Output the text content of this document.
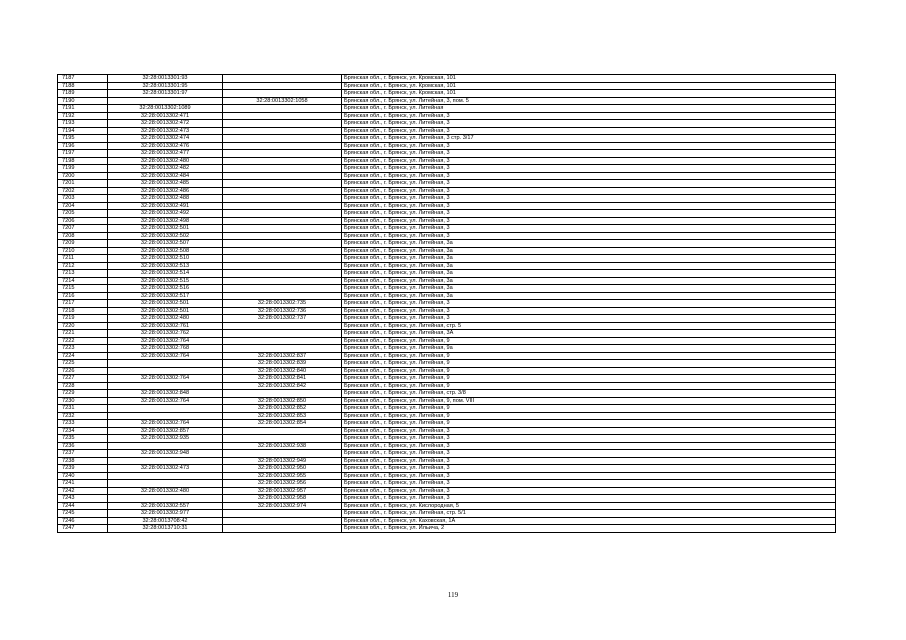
7187	32:28:0013301:93		Брянская обл., г. Брянск, ул. Кромская, 101
7188	32:28:0013301:95		Брянская обл., г. Брянск, ул. Кромская, 101
7189	32:28:0013301:97		Брянская обл., г. Брянск, ул. Кромская, 101
7190		32:28:0013302:1058	Брянская обл., г. Брянск, ул. Литейная, 3, пом. 5
7191	32:28:0013302:1089		Брянская обл., г. Брянск, ул. Литейная
7192	32:28:0013302:471		Брянская обл., г. Брянск, ул. Литейная, 3
7193	32:28:0013302:472		Брянская обл., г. Брянск, ул. Литейная, 3
7194	32:28:0013302:473		Брянская обл., г. Брянск, ул. Литейная, 3
7195	32:28:0013302:474		Брянская обл., г. Брянск, ул. Литейная, 3 стр. 3/17
7196	32:28:0013302:476		Брянская обл., г. Брянск, ул. Литейная, 3
7197	32:28:0013302:477		Брянская обл., г. Брянск, ул. Литейная, 3
7198	32:28:0013302:480		Брянская обл., г. Брянск, ул. Литейная, 3
7199	32:28:0013302:482		Брянская обл., г. Брянск, ул. Литейная, 3
7200	32:28:0013302:484		Брянская обл., г. Брянск, ул. Литейная, 3
7201	32:28:0013302:485		Брянская обл., г. Брянск, ул. Литейная, 3
7202	32:28:0013302:486		Брянская обл., г. Брянск, ул. Литейная, 3
7203	32:28:0013302:488		Брянская обл., г. Брянск, ул. Литейная, 3
7204	32:28:0013302:491		Брянская обл., г. Брянск, ул. Литейная, 3
7205	32:28:0013302:492		Брянская обл., г. Брянск, ул. Литейная, 3
7206	32:28:0013302:498		Брянская обл., г. Брянск, ул. Литейная, 3
7207	32:28:0013302:501		Брянская обл., г. Брянск, ул. Литейная, 3
7208	32:28:0013302:502		Брянская обл., г. Брянск, ул. Литейная, 3
7209	32:28:0013302:507		Брянская обл., г. Брянск, ул. Литейная, 3а
7210	32:28:0013302:508		Брянская обл., г. Брянск, ул. Литейная, 3а
7211	32:28:0013302:510		Брянская обл., г. Брянск, ул. Литейная, 3а
7212	32:28:0013302:513		Брянская обл., г. Брянск, ул. Литейная, 3а
7213	32:28:0013302:514		Брянская обл., г. Брянск, ул. Литейная, 3а
7214	32:28:0013302:515		Брянская обл., г. Брянск, ул. Литейная, 3а
7215	32:28:0013302:516		Брянская обл., г. Брянск, ул. Литейная, 3а
7216	32:28:0013302:517		Брянская обл., г. Брянск, ул. Литейная, 3а
7217	32:28:0013302:501	32:28:0013302:735	Брянская обл., г. Брянск, ул. Литейная, 3
7218	32:28:0013302:501	32:28:0013302:736	Брянская обл., г. Брянск, ул. Литейная, 3
7219	32:28:0013302:480	32:28:0013302:737	Брянская обл., г. Брянск, ул. Литейная, 3
7220	32:28:0013302:761		Брянская обл., г. Брянск, ул. Литейная, стр. 5
7221	32:28:0013302:762		Брянская обл., г. Брянск, ул. Литейная, 3А
7222	32:28:0013302:764		Брянская обл., г. Брянск, ул. Литейная, 9
7223	32:28:0013302:768		Брянская обл., г. Брянск, ул. Литейная, 9а
7224	32:28:0013302:764	32:28:0013302:837	Брянская обл., г. Брянск, ул. Литейная, 9
7225		32:28:0013302:839	Брянская обл., г. Брянск, ул. Литейная, 9
7226		32:28:0013302:840	Брянская обл., г. Брянск, ул. Литейная, 9
7227	32:28:0013302:764	32:28:0013302:841	Брянская обл., г. Брянск, ул. Литейная, 9
7228		32:28:0013302:842	Брянская обл., г. Брянск, ул. Литейная, 9
7229	32:28:0013302:848		Брянская обл., г. Брянск, ул. Литейная, стр. 3/8
7230	32:28:0013302:764	32:28:0013302:850	Брянская обл., г. Брянск, ул. Литейная, 9, пом. VIII
7231		32:28:0013302:852	Брянская обл., г. Брянск, ул. Литейная, 9
7232		32:28:0013302:853	Брянская обл., г. Брянск, ул. Литейная, 9
7233	32:28:0013302:764	32:28:0013302:854	Брянская обл., г. Брянск, ул. Литейная, 9
7234	32:28:0013302:857		Брянская обл., г. Брянск, ул. Литейная, 3
7235	32:28:0013302:935		Брянская обл., г. Брянск, ул. Литейная, 3
7236		32:28:0013302:938	Брянская обл., г. Брянск, ул. Литейная, 3
7237	32:28:0013302:948		Брянская обл., г. Брянск, ул. Литейная, 3
7238		32:28:0013302:949	Брянская обл., г. Брянск, ул. Литейная, 3
7239	32:28:0013302:473	32:28:0013302:950	Брянская обл., г. Брянск, ул. Литейная, 3
7240		32:28:0013302:955	Брянская обл., г. Брянск, ул. Литейная, 3
7241		32:28:0013302:956	Брянская обл., г. Брянск, ул. Литейная, 3
7242	32:28:0013302:480	32:28:0013302:957	Брянская обл., г. Брянск, ул. Литейная, 3
7243		32:28:0013302:958	Брянская обл., г. Брянск, ул. Литейная, 3
7244	32:28:0013302:557	32:28:0013302:974	Брянская обл., г. Брянск, ул. Кислородная, 5
7245	32:28:0013302:977		Брянская обл., г. Брянск, ул. Литейная, стр. 5/1
7246	32:28:0013708:42		Брянская обл., г. Брянск, ул. Каховская, 1А
7247	32:28:0013710:31		Брянская обл., г. Брянск, ул. Ильича, 2
119
